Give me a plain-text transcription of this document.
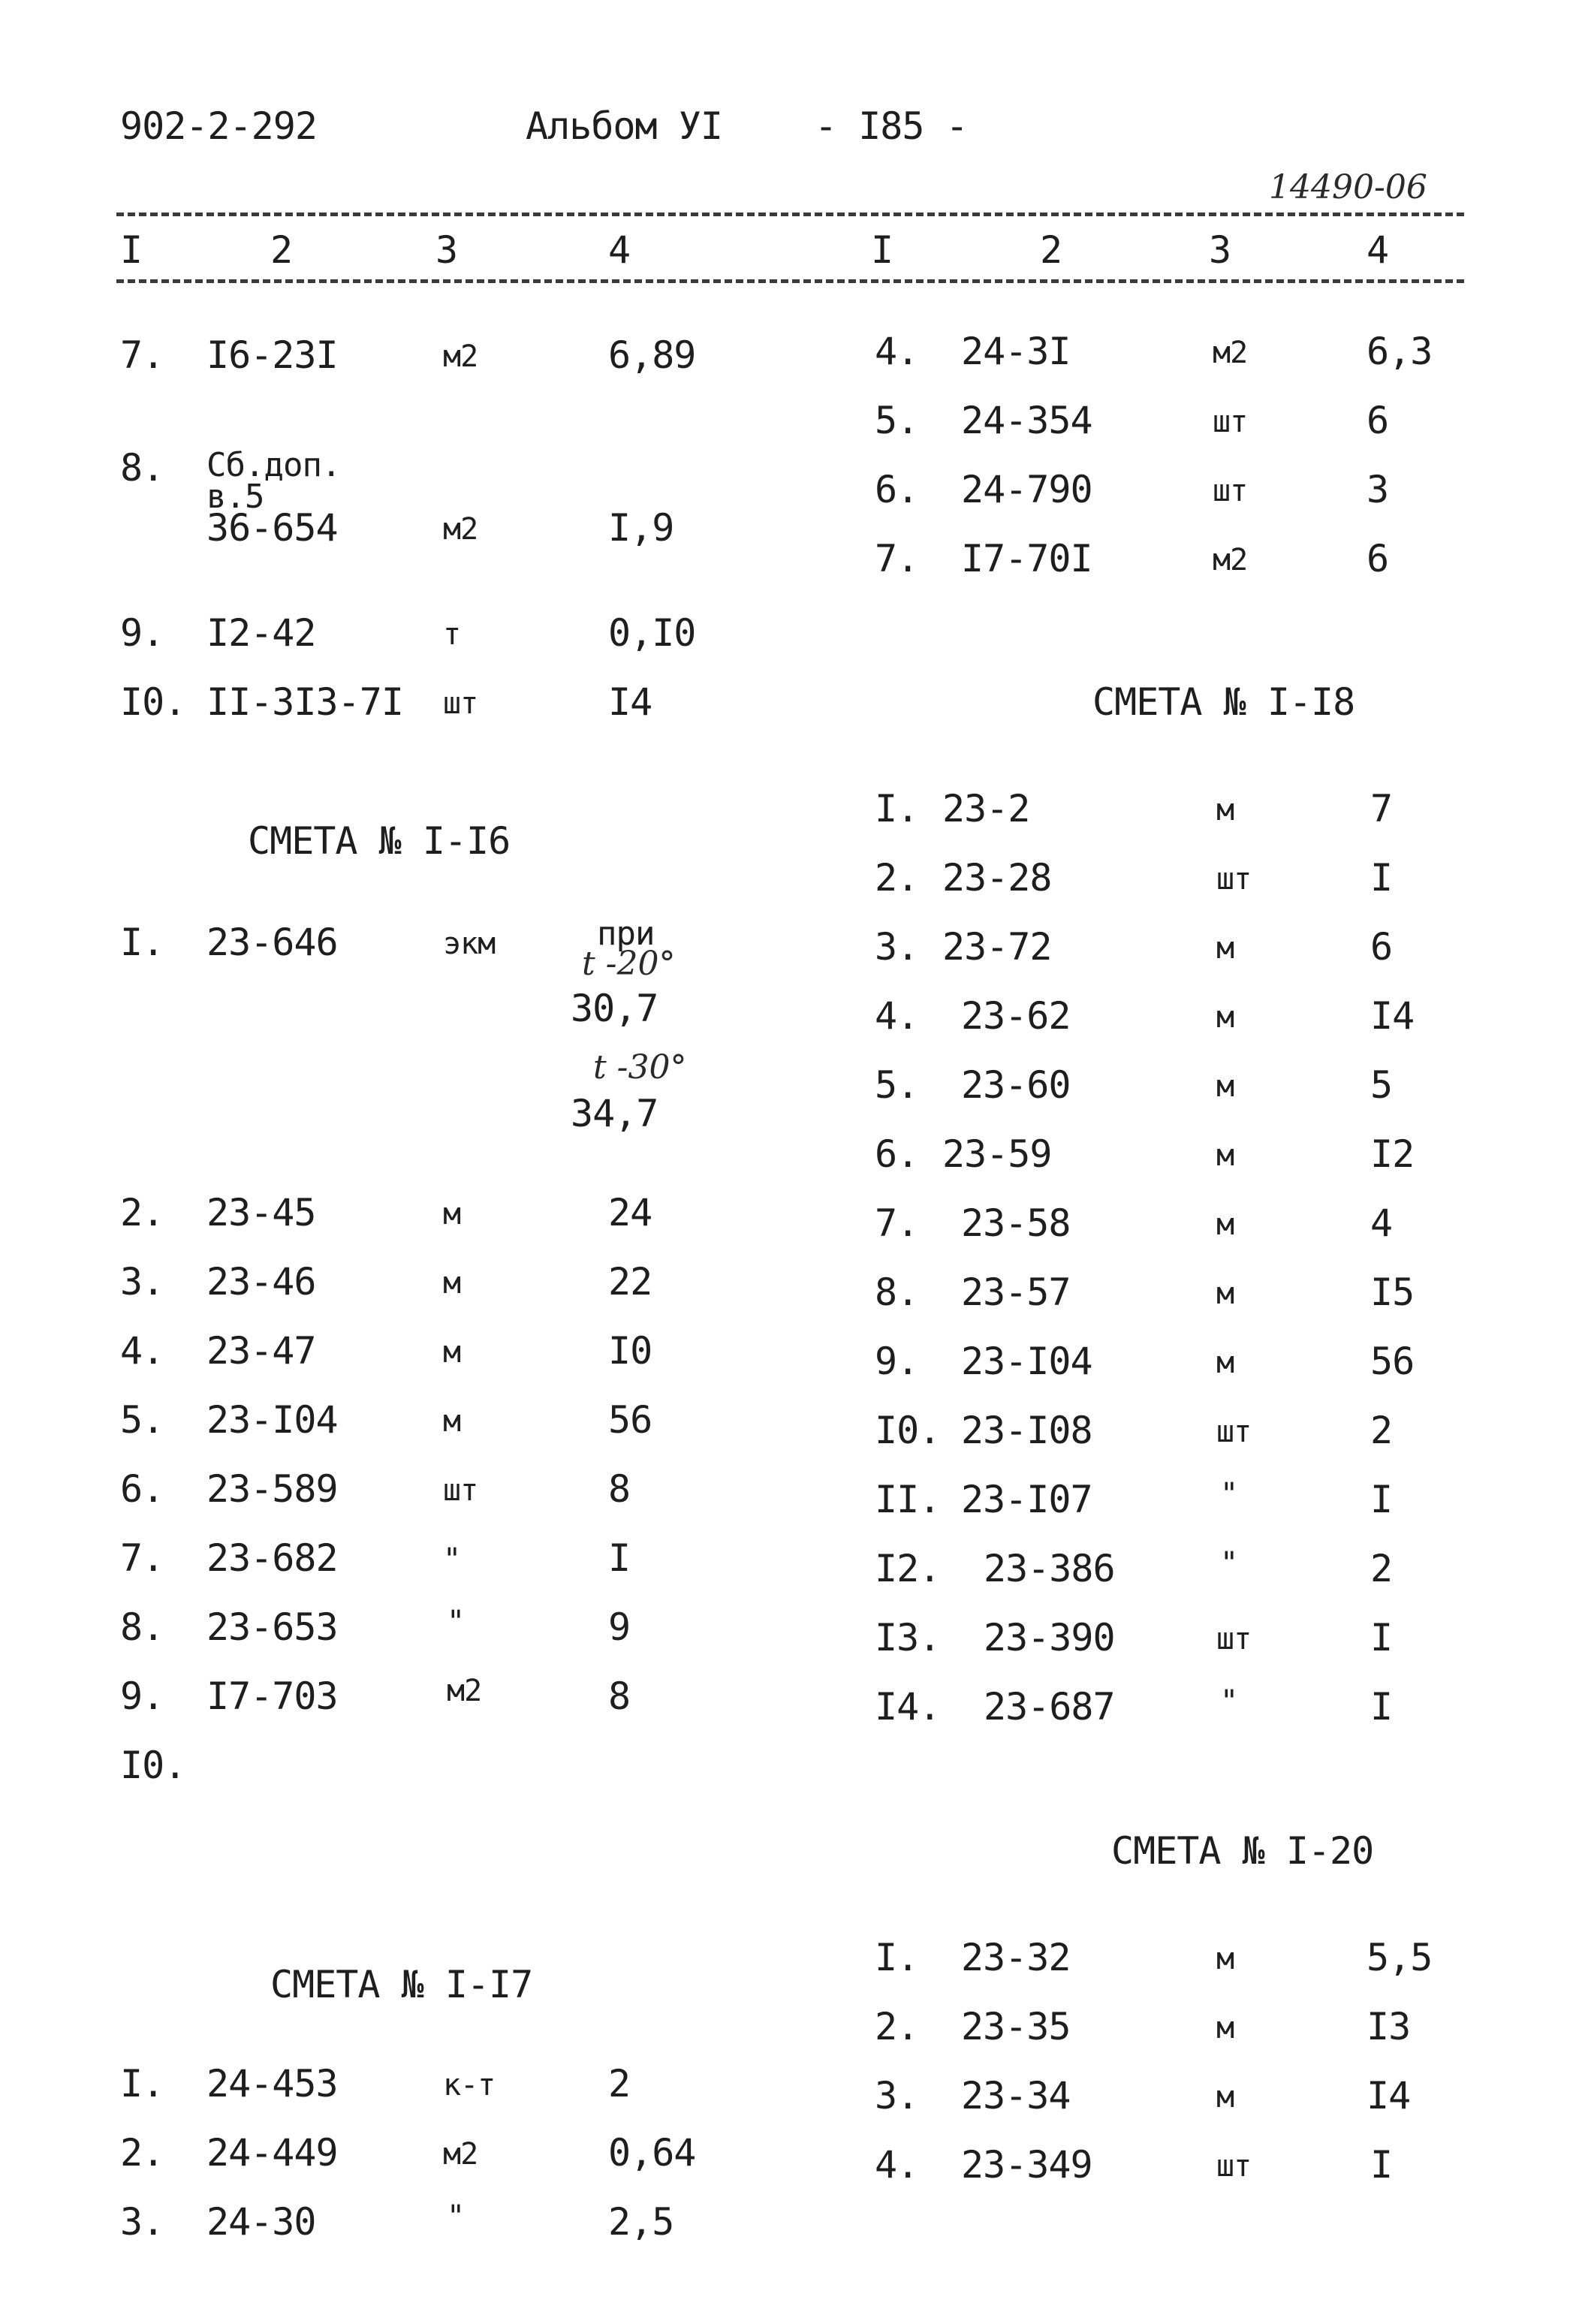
902-2-292	Альбом УI - I85 -
14490-06
I	2	3	4	I	2	3	4
7. I6-23I	м2	6,89
8. Сб.доп.
в.5
36-654	м2	I,9
9. I2-42	т	0,I0
I0. II-3I3-7I шт	I4
СМЕТА № I-I6
I. 23-646	экм	при
t -20°
30,7
t -30°
34,7
2. 23-45	м	24
3. 23-46	м	22
4. 23-47	м	I0
5. 23-I04	м	56
6. 23-589	шт	8
7. 23-682	"	I
8. 23-653	"	9
9. I7-703	м2	8
I0.
СМЕТА № I-I7
I. 24-453	к-т	2
2. 24-449	м2	0,64
3. 24-30	"	2,5
4. 24-3I	м2	6,3
5. 24-354	шт	6
6. 24-790	шт	3
7. I7-70I	м2	6
СМЕТА № I-I8
I. 23-2	м	7
2. 23-28	шт	I
3. 23-72	м	6
4. 23-62	м	I4
5. 23-60	м	5
6. 23-59	м	I2
7. 23-58	м	4
8. 23-57	м	I5
9. 23-I04	м	56
I0. 23-I08	шт	2
II. 23-I07	"	I
I2. 23-386	"	2
I3. 23-390	шт	I
I4. 23-687	"	I
СМЕТА № I-20
I. 23-32	м	5,5
2. 23-35	м	I3
3. 23-34	м	I4
4. 23-349	шт	I
